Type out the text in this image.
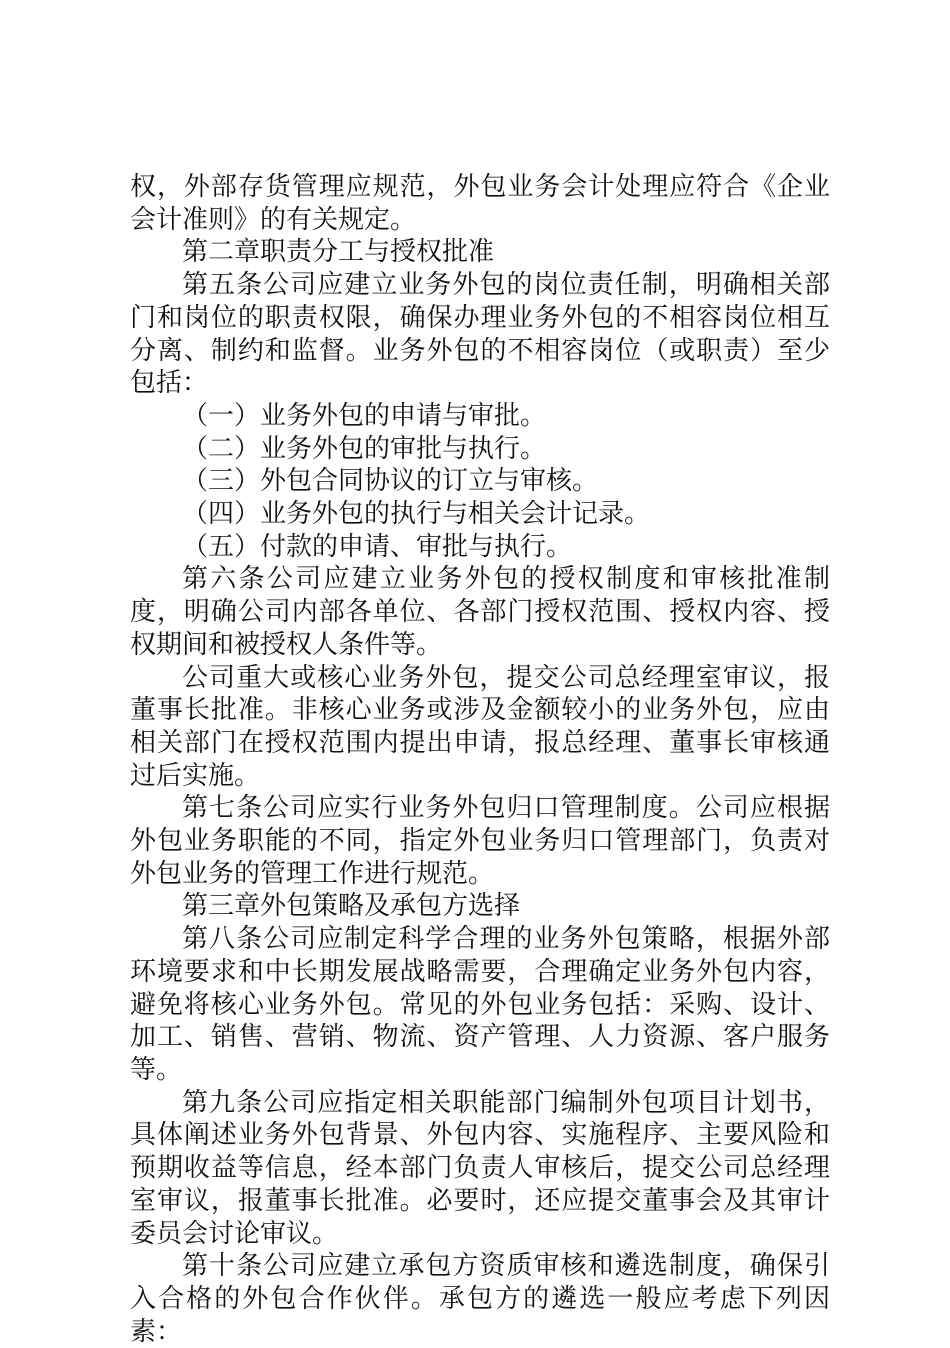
权，外部存货管理应规范，外包业务会计处理应符合《企业会计准则》的有关规定。

第二章职责分工与授权批准

第五条公司应建立业务外包的岗位责任制，明确相关部门和岗位的职责权限，确保办理业务外包的不相容岗位相互分离、制约和监督。业务外包的不相容岗位（或职责）至少包括：

（一）业务外包的申请与审批。

（二）业务外包的审批与执行。

（三）外包合同协议的订立与审核。

（四）业务外包的执行与相关会计记录。

（五）付款的申请、审批与执行。

第六条公司应建立业务外包的授权制度和审核批准制度，明确公司内部各单位、各部门授权范围、授权内容、授权期间和被授权人条件等。

公司重大或核心业务外包，提交公司总经理室审议，报董事长批准。非核心业务或涉及金额较小的业务外包，应由相关部门在授权范围内提出申请，报总经理、董事长审核通过后实施。

第七条公司应实行业务外包归口管理制度。公司应根据外包业务职能的不同，指定外包业务归口管理部门，负责对外包业务的管理工作进行规范。

第三章外包策略及承包方选择

第八条公司应制定科学合理的业务外包策略，根据外部环境要求和中长期发展战略需要，合理确定业务外包内容，避免将核心业务外包。常见的外包业务包括：采购、设计、加工、销售、营销、物流、资产管理、人力资源、客户服务等。

第九条公司应指定相关职能部门编制外包项目计划书，具体阐述业务外包背景、外包内容、实施程序、主要风险和预期收益等信息，经本部门负责人审核后，提交公司总经理室审议，报董事长批准。必要时，还应提交董事会及其审计委员会讨论审议。

第十条公司应建立承包方资质审核和遴选制度，确保引入合格的外包合作伙伴。承包方的遴选一般应考虑下列因素：
